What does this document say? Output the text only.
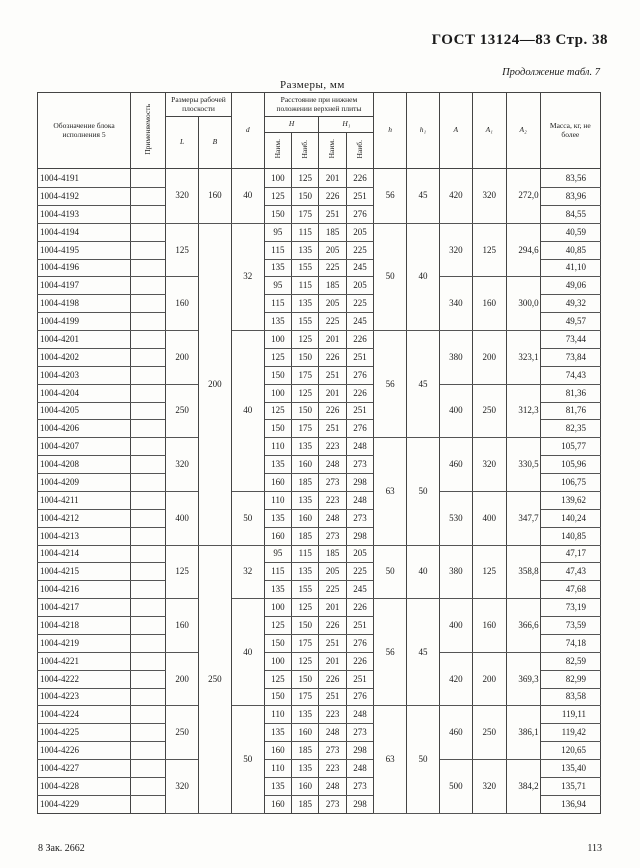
ГОСТ 13124—83 Стр. 38
Продолжение табл. 7
Размеры, мм
Обозначение блока исполнения 5	Применяемость	Размеры рабочей плоскости		d	Расстояние при нижнем положении верхней плиты				h	h₁	A	A₁	A₂	Масса, кг, не более
		L	B		H		H₁							
					Наим.	Наиб.	Наим.	Наиб.						
1004-4191		320	160	40	100	125	201	226	56	45	420	320	272,0	83,56
1004-4192					125	150	226	251						83,96
1004-4193					150	175	251	276						84,55
1004-4194		125	200	32	95	115	185	205	50	40	320	125	294,6	40,59
1004-4195					115	135	205	225						40,85
1004-4196					135	155	225	245						41,10
1004-4197		160			95	115	185	205			340	160	300,0	49,06
1004-4198					115	135	205	225						49,32
1004-4199					135	155	225	245						49,57
1004-4201		200		40	100	125	201	226	56	45	380	200	323,1	73,44
1004-4202					125	150	226	251						73,84
1004-4203					150	175	251	276						74,43
1004-4204		250			100	125	201	226			400	250	312,3	81,36
1004-4205					125	150	226	251						81,76
1004-4206					150	175	251	276						82,35
1004-4207		320			110	135	223	248	63	50	460	320	330,5	105,77
1004-4208					135	160	248	273						105,96
1004-4209					160	185	273	298						106,75
1004-4211		400		50	110	135	223	248			530	400	347,7	139,62
1004-4212					135	160	248	273						140,24
1004-4213					160	185	273	298						140,85
1004-4214		125	250	32	95	115	185	205	50	40	380	125	358,8	47,17
1004-4215					115	135	205	225						47,43
1004-4216					135	155	225	245						47,68
1004-4217		160		40	100	125	201	226	56	45	400	160	366,6	73,19
1004-4218					125	150	226	251						73,59
1004-4219					150	175	251	276						74,18
1004-4221		200			100	125	201	226			420	200	369,3	82,59
1004-4222					125	150	226	251						82,99
1004-4223					150	175	251	276						83,58
1004-4224		250		50	110	135	223	248	63	50	460	250	386,1	119,11
1004-4225					135	160	248	273						119,42
1004-4226					160	185	273	298						120,65
1004-4227		320			110	135	223	248			500	320	384,2	135,40
1004-4228					135	160	248	273						135,71
1004-4229					160	185	273	298						136,94
8 Зак. 2662	113
